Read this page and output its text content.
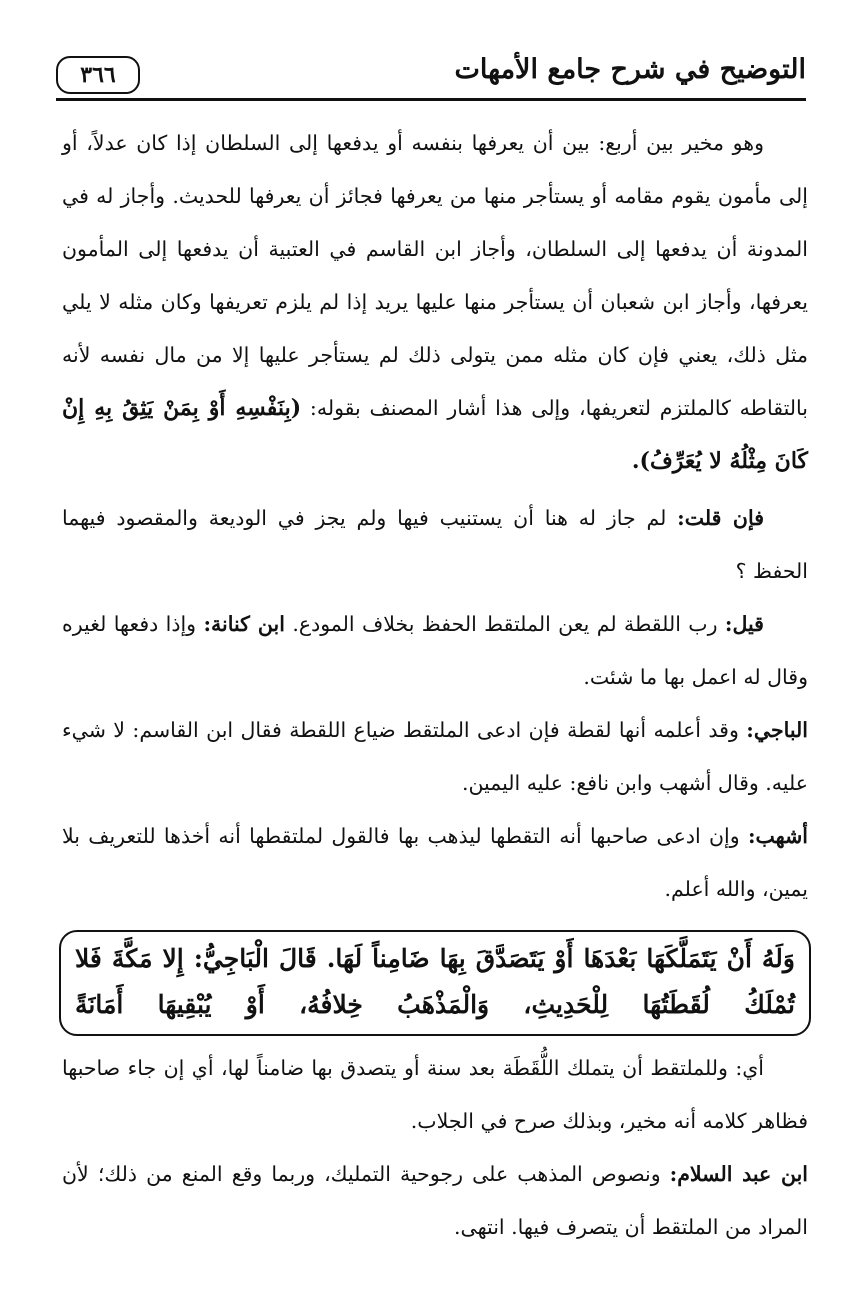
التوضيح في شرح جامع الأمهات
٣٦٦

وهو مخير بين أربع: بين أن يعرفها بنفسه أو يدفعها إلى السلطان إذا كان عدلاً، أو إلى مأمون يقوم مقامه أو يستأجر منها من يعرفها فجائز أن يعرفها للحديث. وأجاز له في المدونة أن يدفعها إلى السلطان، وأجاز ابن القاسم في العتبية أن يدفعها إلى المأمون يعرفها، وأجاز ابن شعبان أن يستأجر منها عليها يريد إذا لم يلزم تعريفها وكان مثله لا يلي مثل ذلك، يعني فإن كان مثله ممن يتولى ذلك لم يستأجر عليها إلا من مال نفسه لأنه بالتقاطه كالملتزم لتعريفها، وإلى هذا أشار المصنف بقوله: (بِنَفْسِهِ أَوْ بِمَنْ يَثِقُ بِهِ إِنْ كَانَ مِثْلُهُ لا يُعَرِّفُ).

فإن قلت: لم جاز له هنا أن يستنيب فيها ولم يجز في الوديعة والمقصود فيهما الحفظ ؟

قيل: رب اللقطة لم يعن الملتقط الحفظ بخلاف المودع. ابن كنانة: وإذا دفعها لغيره وقال له اعمل بها ما شئت.

الباجي: وقد أعلمه أنها لقطة فإن ادعى الملتقط ضياع اللقطة فقال ابن القاسم: لا شيء عليه. وقال أشهب وابن نافع: عليه اليمين.

أشهب: وإن ادعى صاحبها أنه التقطها ليذهب بها فالقول لملتقطها أنه أخذها للتعريف بلا يمين، والله أعلم.

وَلَهُ أَنْ يَتَمَلَّكَهَا بَعْدَهَا أَوْ يَتَصَدَّقَ بِهَا ضَامِناً لَهَا. قَالَ الْبَاجِيُّ: إِلا مَكَّةَ فَلا تُمْلَكُ لُقَطَتُهَا لِلْحَدِيثِ، وَالْمَذْهَبُ خِلافُهُ، أَوْ يُبْقِيهَا أَمَانَةً

أي: وللملتقط أن يتملك اللُّقَطَة بعد سنة أو يتصدق بها ضامناً لها، أي إن جاء صاحبها فظاهر كلامه أنه مخير، وبذلك صرح في الجلاب.

ابن عبد السلام: ونصوص المذهب على رجوحية التمليك، وربما وقع المنع من ذلك؛ لأن المراد من الملتقط أن يتصرف فيها. انتهى.
